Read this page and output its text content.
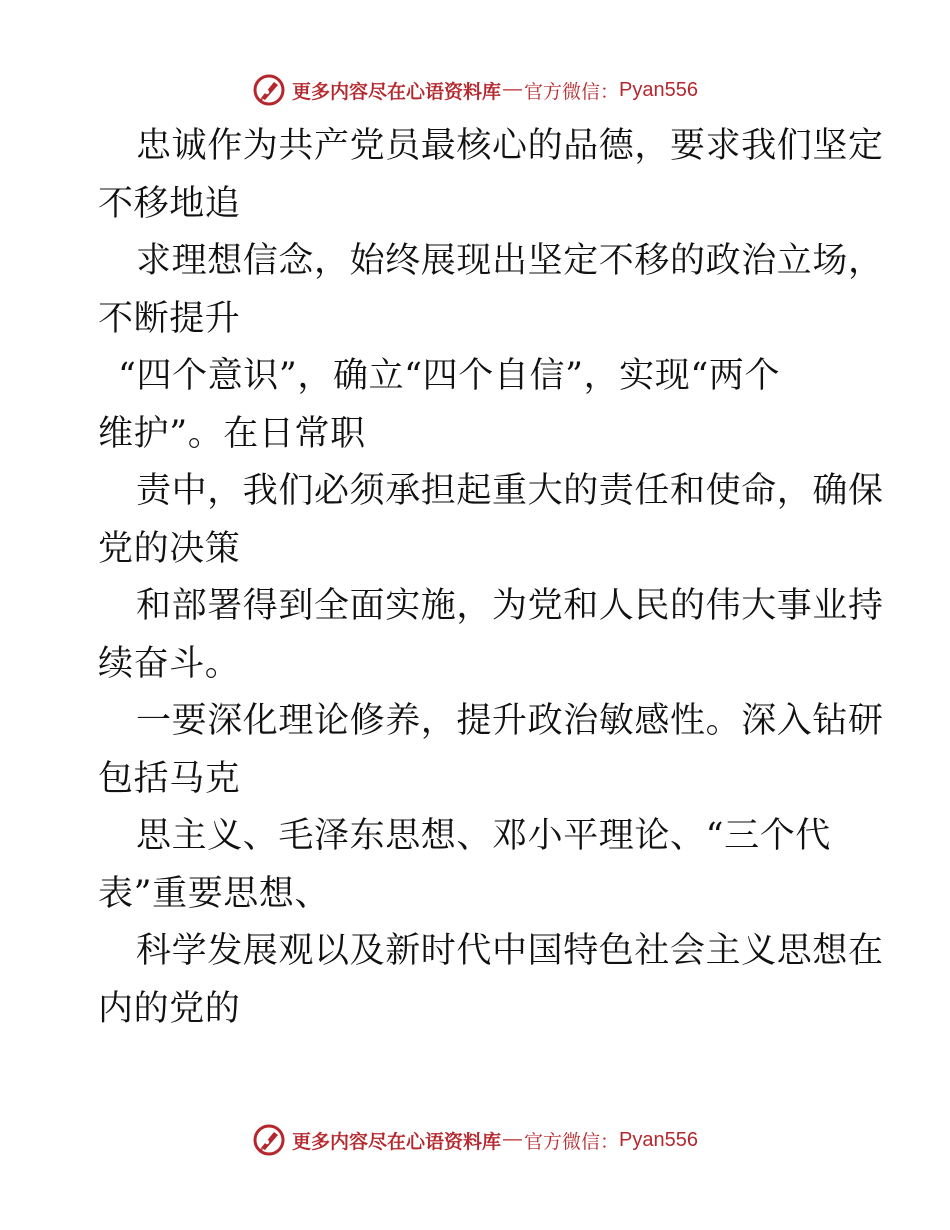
更多内容尽在心语资料库 — 官方微信： Pyan556
忠诚作为共产党员最核心的品德，要求我们坚定
不移地追
求理想信念，始终展现出坚定不移的政治立场，
不断提升
“四个意识”，确立“四个自信”，实现“两个
维护”。在日常职
责中，我们必须承担起重大的责任和使命，确保
党的决策
和部署得到全面实施，为党和人民的伟大事业持
续奋斗。
一要深化理论修养，提升政治敏感性。深入钻研
包括马克
思主义、毛泽东思想、邓小平理论、“三个代
表”重要思想、
科学发展观以及新时代中国特色社会主义思想在
内的党的
更多内容尽在心语资料库 — 官方微信： Pyan556
